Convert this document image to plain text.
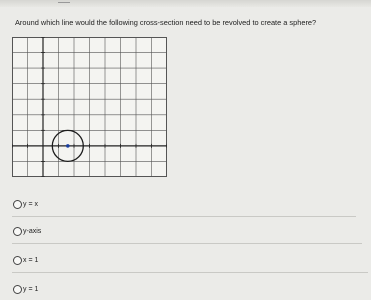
Around which line would the following cross-section need to be revolved to create a sphere?

y = x
y-axis
x = 1
y = 1
